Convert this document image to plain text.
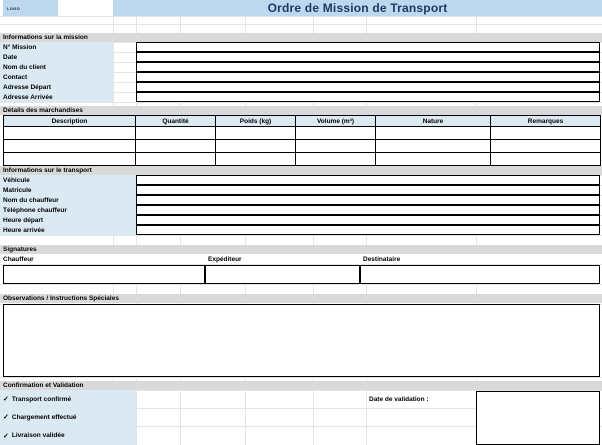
LOGO	Ordre de Mission de Transport
Informations sur la mission
N° Mission
Date
Nom du client
Contact
Adresse Départ
Adresse Arrivée
Détails des marchandises
Description	Quantité	Poids (kg)	Volume (m³)	Nature	Remarques

Informations sur le transport
Véhicule
Matricule
Nom du chauffeur
Téléphone chauffeur
Heure départ
Heure arrivée
Signatures
Chauffeur	Expéditeur	Destinataire
Observations / Instructions Spéciales
Confirmation et Validation
✓ Transport confirmé
✓ Chargement effectué
✓ Livraison validée
Date de validation :
